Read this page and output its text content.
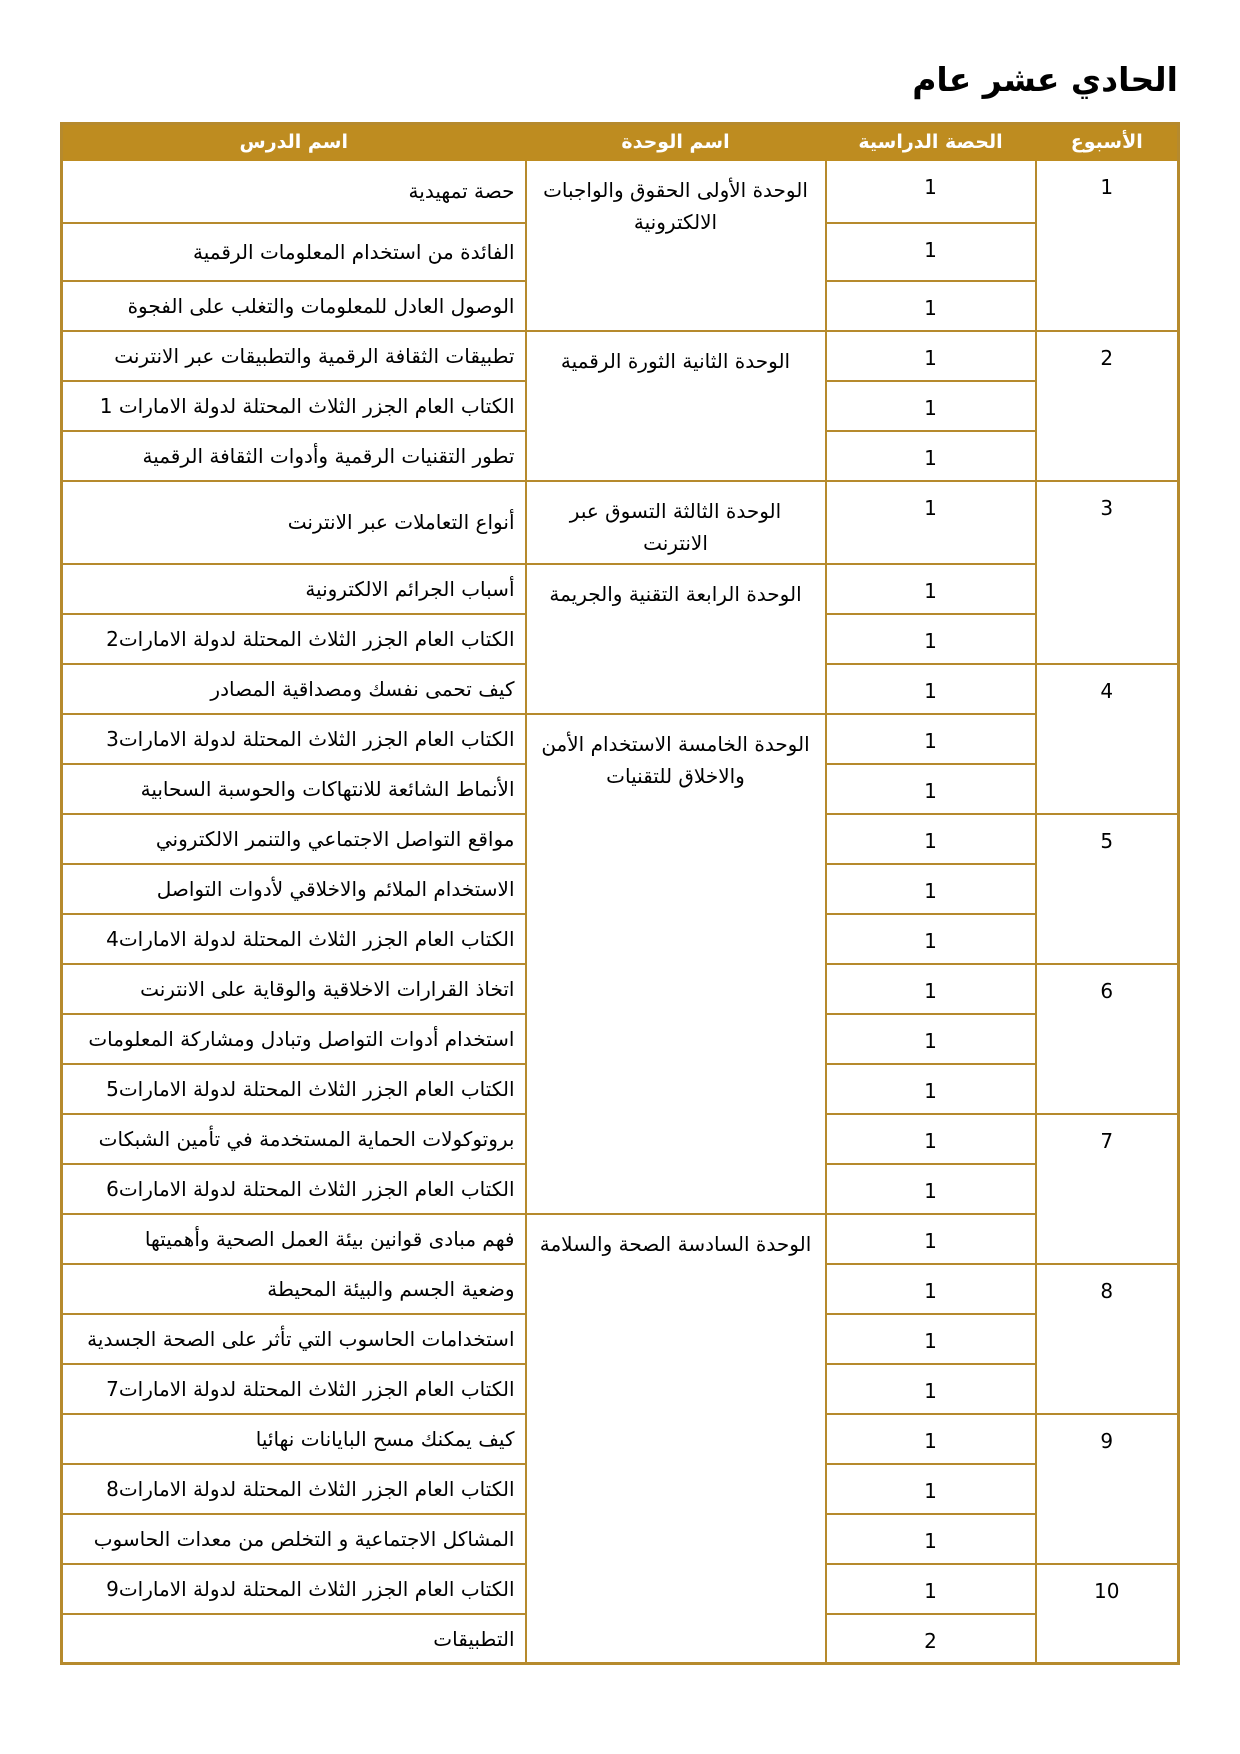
الحادي عشر عام
الأسبوع	الحصة الدراسية	اسم الوحدة	اسم الدرس
1	1	الوحدة الأولى الحقوق والواجبات الالكترونية	حصة تمهيدية
	1		الفائدة من استخدام المعلومات الرقمية
	1		الوصول العادل للمعلومات والتغلب على الفجوة
2	1	الوحدة الثانية الثورة الرقمية	تطبيقات الثقافة الرقمية والتطبيقات عبر الانترنت
	1		الكتاب العام الجزر الثلاث المحتلة لدولة الامارات 1
	1		تطور التقنيات الرقمية وأدوات الثقافة الرقمية
3	1	الوحدة الثالثة التسوق عبر الانترنت	أنواع التعاملات عبر الانترنت
	1	الوحدة الرابعة التقنية والجريمة	أسباب الجرائم الالكترونية
	1		الكتاب العام الجزر الثلاث المحتلة لدولة الامارات2
4	1		كيف تحمى نفسك ومصداقية المصادر
	1	الوحدة الخامسة الاستخدام الأمن والاخلاق للتقنيات	الكتاب العام الجزر الثلاث المحتلة لدولة الامارات3
	1		الأنماط الشائعة للانتهاكات والحوسبة السحابية
5	1		مواقع التواصل الاجتماعي والتنمر الالكتروني
	1		الاستخدام الملائم والاخلاقي لأدوات التواصل
	1		الكتاب العام الجزر الثلاث المحتلة لدولة الامارات4
6	1		اتخاذ القرارات الاخلاقية والوقاية على الانترنت
	1		استخدام أدوات التواصل وتبادل ومشاركة المعلومات
	1		الكتاب العام الجزر الثلاث المحتلة لدولة الامارات5
7	1		بروتوكولات الحماية المستخدمة في تأمين الشبكات
	1		الكتاب العام الجزر الثلاث المحتلة لدولة الامارات6
	1	الوحدة السادسة الصحة والسلامة	فهم مبادى قوانين بيئة العمل الصحية وأهميتها
8	1		وضعية الجسم والبيئة المحيطة
	1		استخدامات الحاسوب التي تأثر على الصحة الجسدية
	1		الكتاب العام الجزر الثلاث المحتلة لدولة الامارات7
9	1		كيف يمكنك مسح البايانات نهائيا
	1		الكتاب العام الجزر الثلاث المحتلة لدولة الامارات8
	1		المشاكل الاجتماعية و التخلص من معدات الحاسوب
10	1		الكتاب العام الجزر الثلاث المحتلة لدولة الامارات9
	2		التطبيقات
